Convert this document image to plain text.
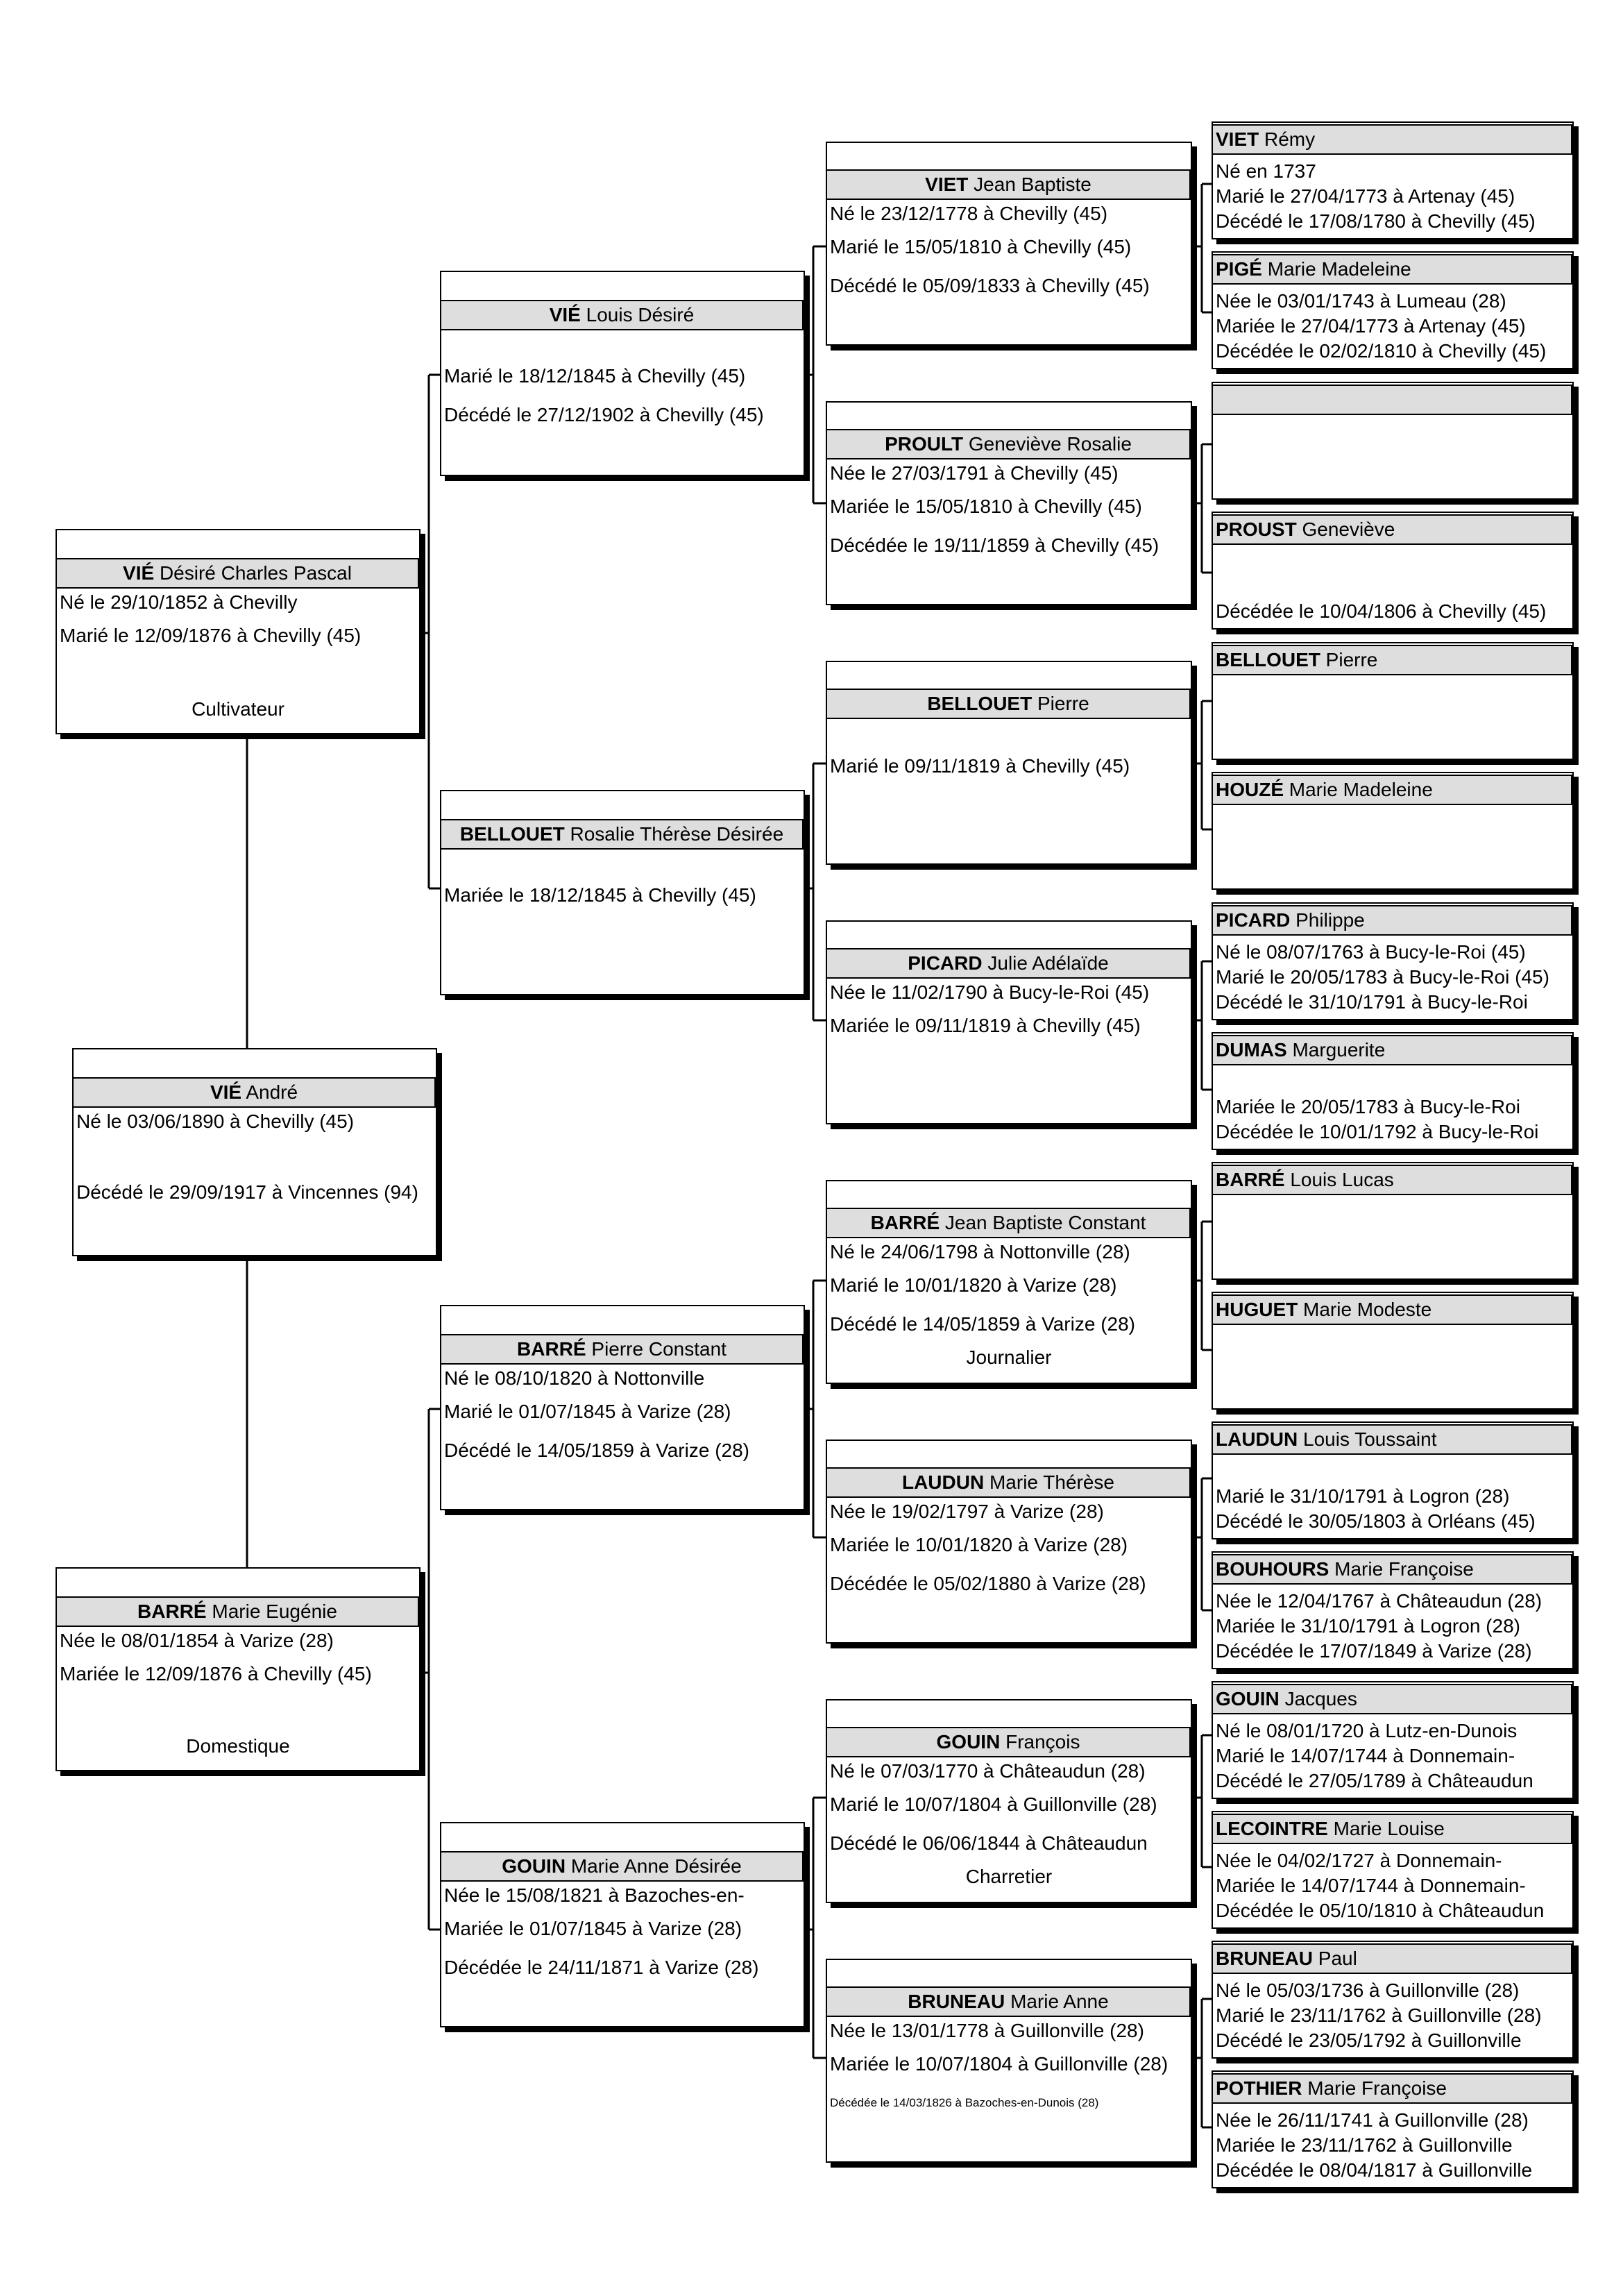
VIÉ André
Né le 03/06/1890 à Chevilly (45)
Décédé le 29/09/1917 à Vincennes (94)
VIÉ Désiré Charles Pascal
Né le 29/10/1852 à Chevilly
Marié le 12/09/1876 à Chevilly (45)
Cultivateur
BARRÉ Marie Eugénie
Née le 08/01/1854 à Varize (28)
Mariée le 12/09/1876 à Chevilly (45)
Domestique
VIÉ Louis Désiré
Marié le 18/12/1845 à Chevilly (45)
Décédé le 27/12/1902 à Chevilly (45)
BELLOUET Rosalie Thérèse Désirée
Mariée le 18/12/1845 à Chevilly (45)
BARRÉ Pierre Constant
Né le 08/10/1820 à Nottonville
Marié le 01/07/1845 à Varize (28)
Décédé le 14/05/1859 à Varize (28)
GOUIN Marie Anne Désirée
Née le 15/08/1821 à Bazoches-en-
Mariée le 01/07/1845 à Varize (28)
Décédée le 24/11/1871 à Varize (28)
VIET Jean Baptiste
Né le 23/12/1778 à Chevilly (45)
Marié le 15/05/1810 à Chevilly (45)
Décédé le 05/09/1833 à Chevilly (45)
PROULT Geneviève Rosalie
Née le 27/03/1791 à Chevilly (45)
Mariée le 15/05/1810 à Chevilly (45)
Décédée le 19/11/1859 à Chevilly (45)
BELLOUET Pierre
Marié le 09/11/1819 à Chevilly (45)
PICARD Julie Adélaïde
Née le 11/02/1790 à Bucy-le-Roi (45)
Mariée le 09/11/1819 à Chevilly (45)
BARRÉ Jean Baptiste Constant
Né le 24/06/1798 à Nottonville (28)
Marié le 10/01/1820 à Varize (28)
Décédé le 14/05/1859 à Varize (28)
Journalier
LAUDUN Marie Thérèse
Née le 19/02/1797 à Varize (28)
Mariée le 10/01/1820 à Varize (28)
Décédée le 05/02/1880 à Varize (28)
GOUIN François
Né le 07/03/1770 à Châteaudun (28)
Marié le 10/07/1804 à Guillonville (28)
Décédé le 06/06/1844 à Châteaudun
Charretier
BRUNEAU Marie Anne
Née le 13/01/1778 à Guillonville (28)
Mariée le 10/07/1804 à Guillonville (28)
Décédée le 14/03/1826 à Bazoches-en-Dunois (28)
VIET Rémy
Né en 1737
Marié le 27/04/1773 à Artenay (45)
Décédé le 17/08/1780 à Chevilly (45)
PIGÉ Marie Madeleine
Née le 03/01/1743 à Lumeau (28)
Mariée le 27/04/1773 à Artenay (45)
Décédée le 02/02/1810 à Chevilly (45)
PROUST Geneviève
Décédée le 10/04/1806 à Chevilly (45)
BELLOUET Pierre
HOUZÉ Marie Madeleine
PICARD Philippe
Né le 08/07/1763 à Bucy-le-Roi (45)
Marié le 20/05/1783 à Bucy-le-Roi (45)
Décédé le 31/10/1791 à Bucy-le-Roi
DUMAS Marguerite
Mariée le 20/05/1783 à Bucy-le-Roi
Décédée le 10/01/1792 à Bucy-le-Roi
BARRÉ Louis Lucas
HUGUET Marie Modeste
LAUDUN Louis Toussaint
Marié le 31/10/1791 à Logron (28)
Décédé le 30/05/1803 à Orléans (45)
BOUHOURS Marie Françoise
Née le 12/04/1767 à Châteaudun (28)
Mariée le 31/10/1791 à Logron (28)
Décédée le 17/07/1849 à Varize (28)
GOUIN Jacques
Né le 08/01/1720 à Lutz-en-Dunois
Marié le 14/07/1744 à Donnemain-
Décédé le 27/05/1789 à Châteaudun
LECOINTRE Marie Louise
Née le 04/02/1727 à Donnemain-
Mariée le 14/07/1744 à Donnemain-
Décédée le 05/10/1810 à Châteaudun
BRUNEAU Paul
Né le 05/03/1736 à Guillonville (28)
Marié le 23/11/1762 à Guillonville (28)
Décédé le 23/05/1792 à Guillonville
POTHIER Marie Françoise
Née le 26/11/1741 à Guillonville (28)
Mariée le 23/11/1762 à Guillonville
Décédée le 08/04/1817 à Guillonville
